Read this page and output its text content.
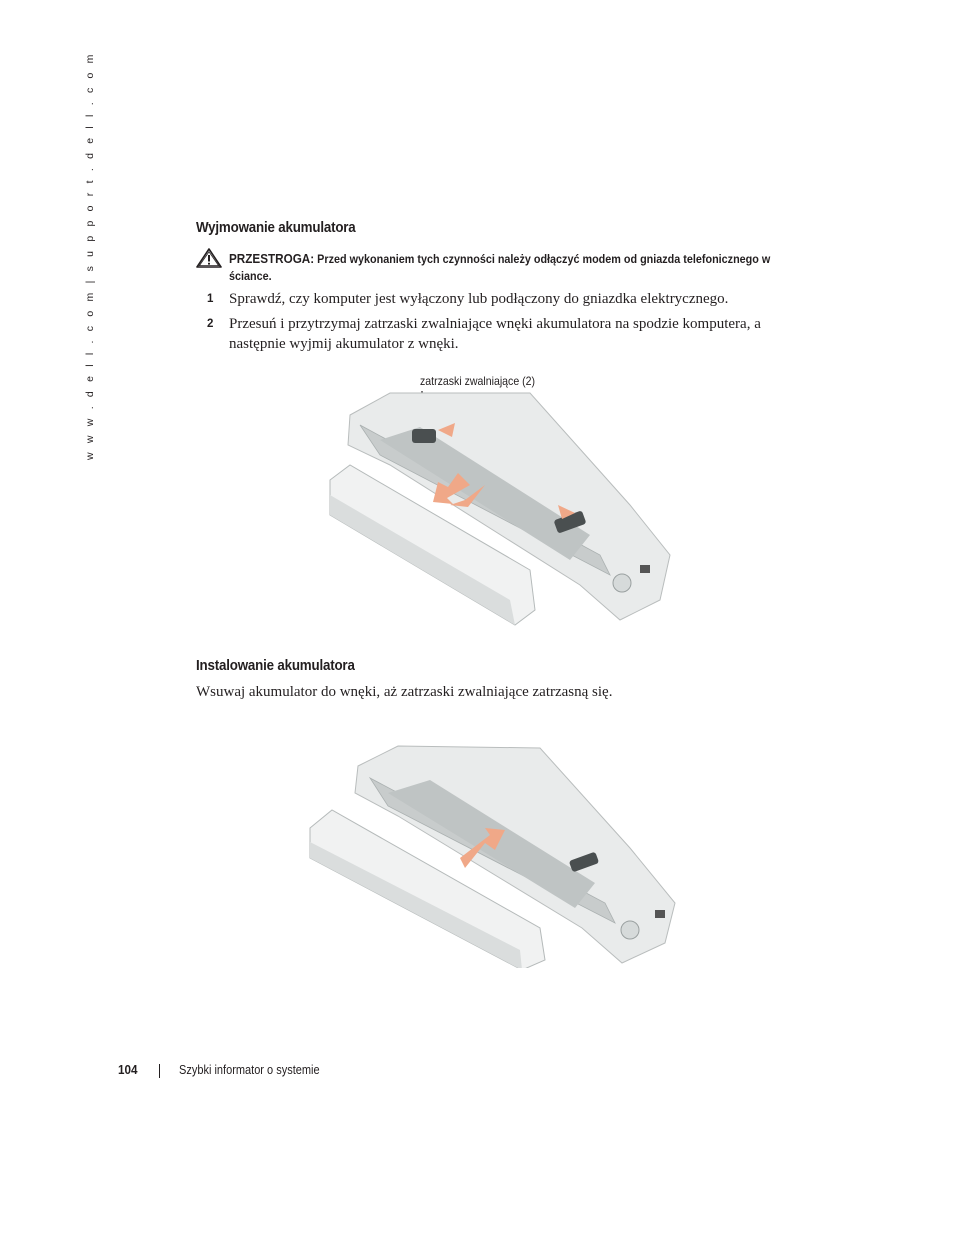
w w w . d e l l . c o m | s u p p o r t . d e l l . c o m	Wyjmowanie akumulatora
PRZESTROGA: Przed wykonaniem tych czynności należy odłączyć modem od gniazda telefonicznego w ściance.
1 Sprawdź, czy komputer jest wyłączony lub podłączony do gniazdka elektrycznego.
2 Przesuń i przytrzymaj zatrzaski zwalniające wnęki akumulatora na spodzie komputera, a następnie wyjmij akumulator z wnęki.
zatrzaski zwalniające (2)
Instalowanie akumulatora
Wsuwaj akumulator do wnęki, aż zatrzaski zwalniające zatrzasną się.
104	Szybki informator o systemie
